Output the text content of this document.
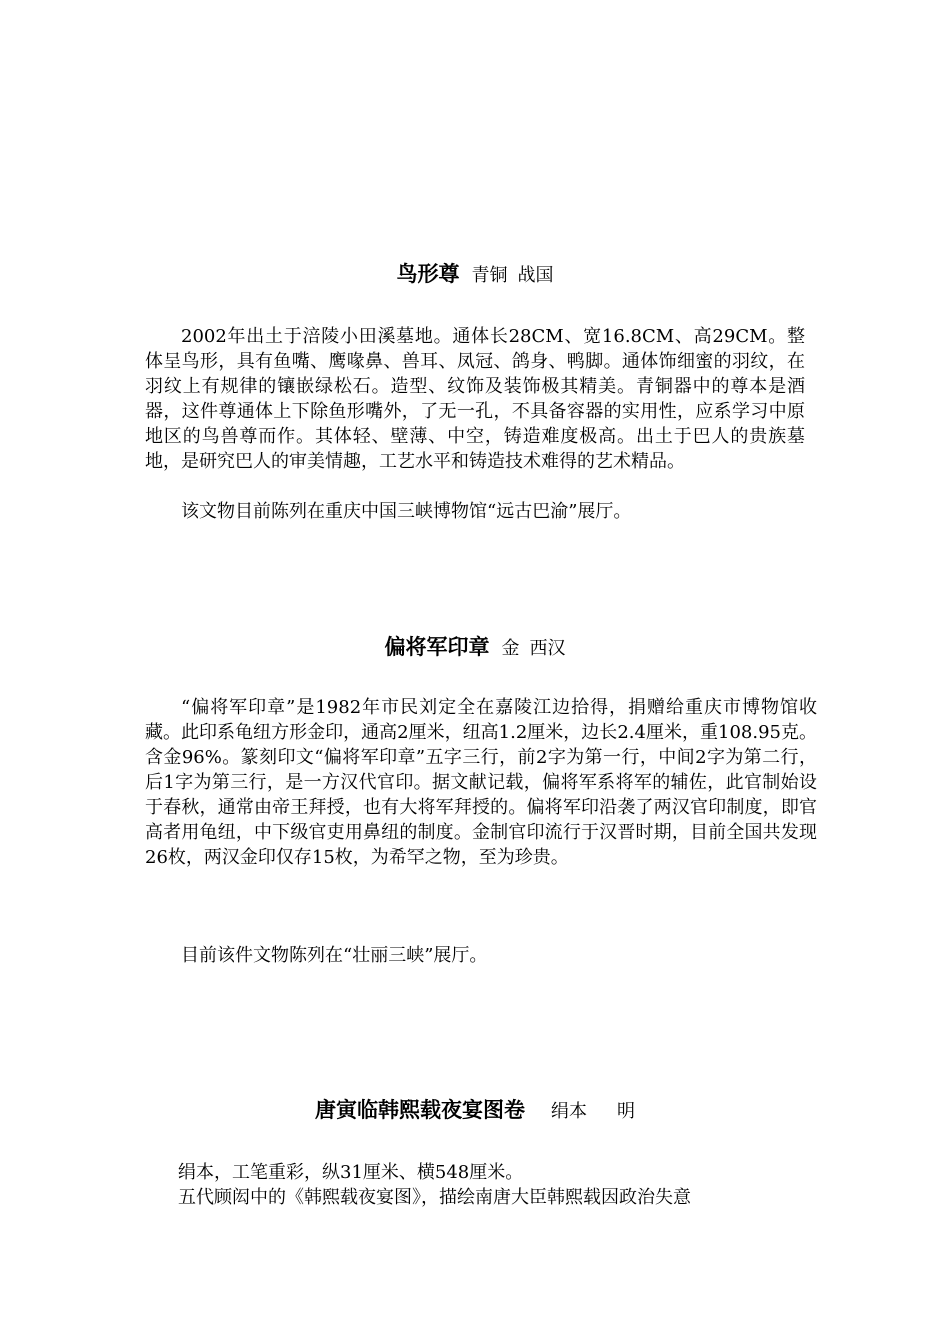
鸟形尊 青铜 战国
2002年出土于涪陵小田溪墓地。通体长28CM、宽16.8CM、高29CM。整体呈鸟形，具有鱼嘴、鹰喙鼻、兽耳、凤冠、鸽身、鸭脚。通体饰细蜜的羽纹，在羽纹上有规律的镶嵌绿松石。造型、纹饰及装饰极其精美。青铜器中的尊本是酒器，这件尊通体上下除鱼形嘴外，了无一孔，不具备容器的实用性，应系学习中原地区的鸟兽尊而作。其体轻、壁薄、中空，铸造难度极高。出土于巴人的贵族墓地，是研究巴人的审美情趣，工艺水平和铸造技术难得的艺术精品。
该文物目前陈列在重庆中国三峡博物馆“远古巴渝”展厅。
偏将军印章 金 西汉
“偏将军印章”是1982年市民刘定全在嘉陵江边拾得，捐赠给重庆市博物馆收藏。此印系龟纽方形金印，通高2厘米，纽高1.2厘米，边长2.4厘米，重108.95克。含金96%。篆刻印文“偏将军印章”五字三行，前2字为第一行，中间2字为第二行，后1字为第三行，是一方汉代官印。据文献记载，偏将军系将军的辅佐，此官制始设于春秋，通常由帝王拜授，也有大将军拜授的。偏将军印沿袭了两汉官印制度，即官高者用龟纽，中下级官吏用鼻纽的制度。金制官印流行于汉晋时期，目前全国共发现26枚，两汉金印仅存15枚，为希罕之物，至为珍贵。
目前该件文物陈列在“壮丽三峡”展厅。
唐寅临韩熙载夜宴图卷 绢本 明
绢本，工笔重彩，纵31厘米、横548厘米。
五代顾闳中的《韩熙载夜宴图》，描绘南唐大臣韩熙载因政治失意
